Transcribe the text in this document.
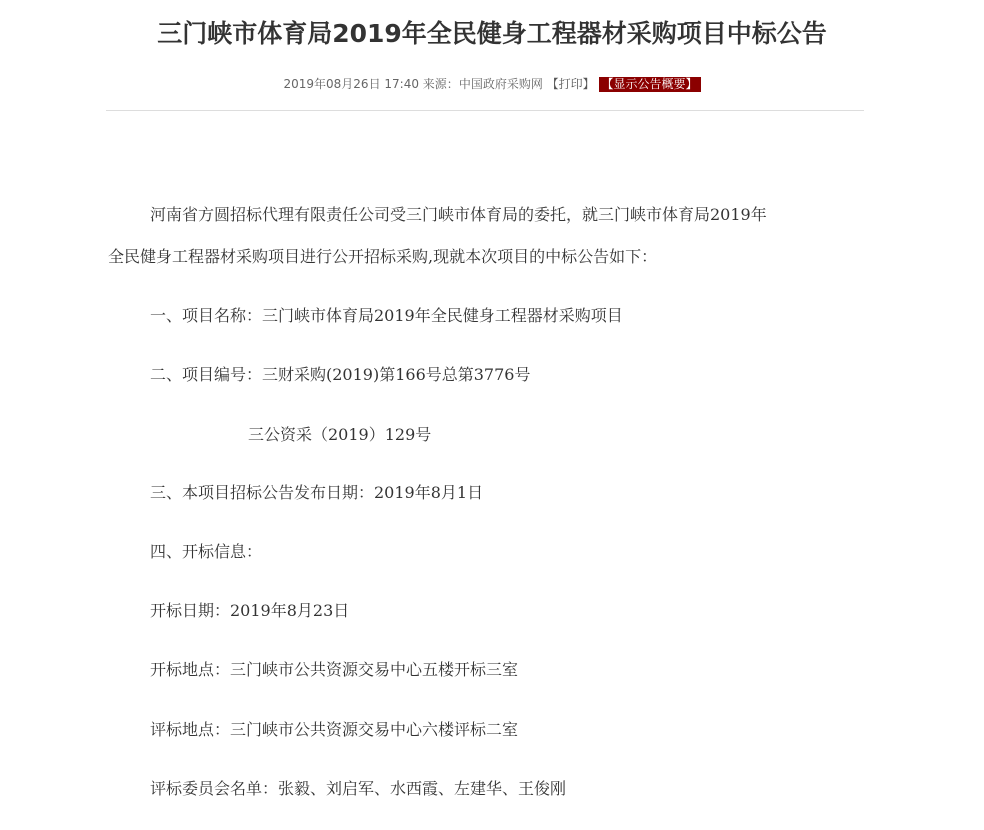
三门峡市体育局2019年全民健身工程器材采购项目中标公告
2019年08月26日 17:40 来源：中国政府采购网 【打印】 【显示公告概要】
河南省方圆招标代理有限责任公司受三门峡市体育局的委托，就三门峡市体育局2019年
全民健身工程器材采购项目进行公开招标采购,现就本次项目的中标公告如下：
一、项目名称：三门峡市体育局2019年全民健身工程器材采购项目
二、项目编号：三财采购(2019)第166号总第3776号
三公资采（2019）129号
三、本项目招标公告发布日期：2019年8月1日
四、开标信息：
开标日期：2019年8月23日
开标地点：三门峡市公共资源交易中心五楼开标三室
评标地点：三门峡市公共资源交易中心六楼评标二室
评标委员会名单：张毅、刘启军、水西霞、左建华、王俊刚
